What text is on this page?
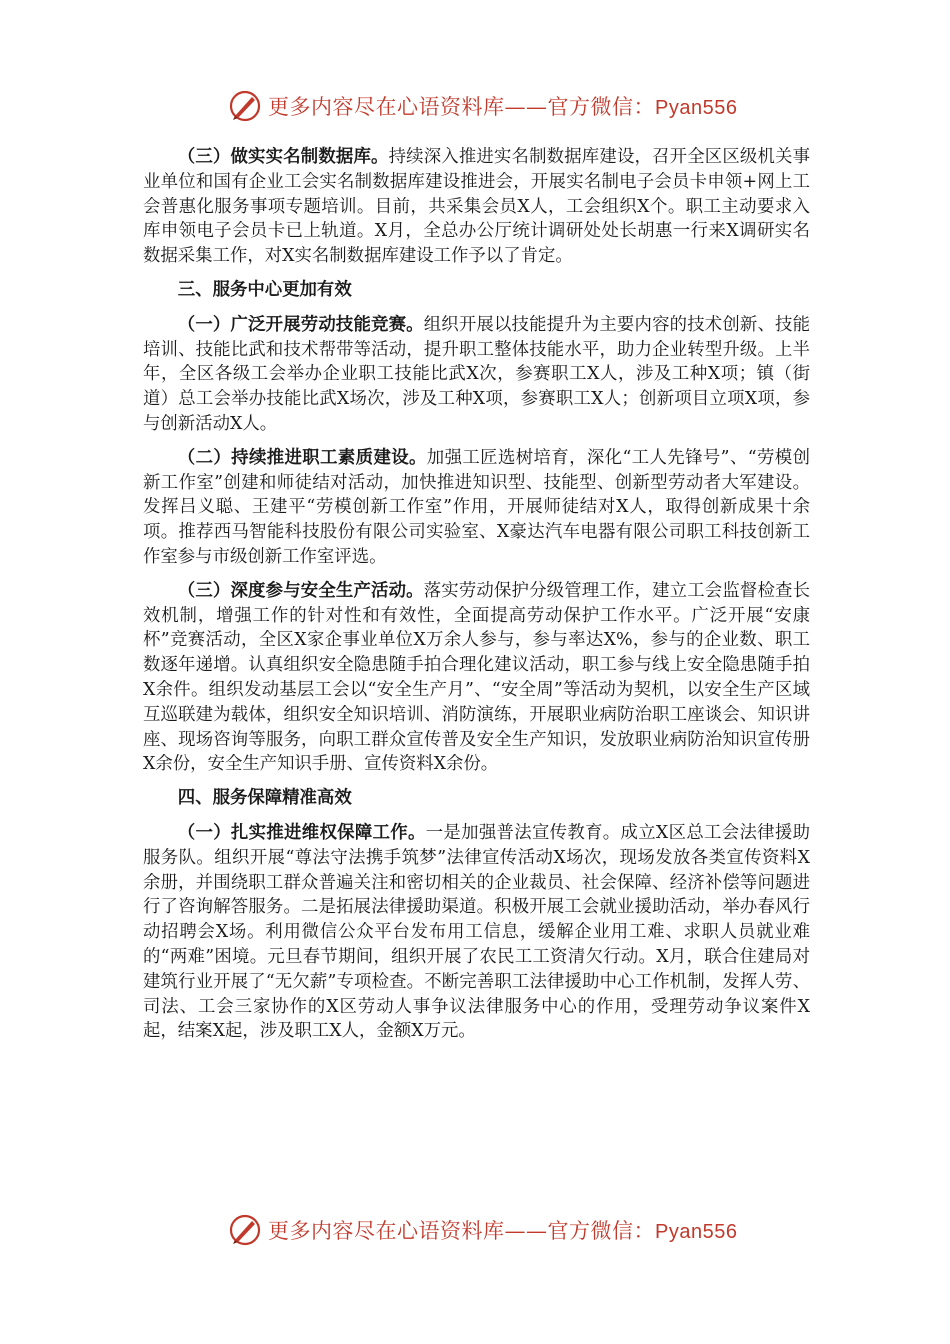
更多内容尽在心语资料库——官方微信：Pyan556

（三）做实实名制数据库。持续深入推进实名制数据库建设，召开全区区级机关事业单位和国有企业工会实名制数据库建设推进会，开展实名制电子会员卡申领+网上工会普惠化服务事项专题培训。目前，共采集会员X人，工会组织X个。职工主动要求入库申领电子会员卡已上轨道。X月，全总办公厅统计调研处处长胡惠一行来X调研实名数据采集工作，对X实名制数据库建设工作予以了肯定。

三、服务中心更加有效

（一）广泛开展劳动技能竞赛。组织开展以技能提升为主要内容的技术创新、技能培训、技能比武和技术帮带等活动，提升职工整体技能水平，助力企业转型升级。上半年，全区各级工会举办企业职工技能比武X次，参赛职工X人，涉及工种X项；镇（街道）总工会举办技能比武X场次，涉及工种X项，参赛职工X人；创新项目立项X项，参与创新活动X人。

（二）持续推进职工素质建设。加强工匠选树培育，深化“工人先锋号”、“劳模创新工作室”创建和师徒结对活动，加快推进知识型、技能型、创新型劳动者大军建设。发挥吕义聪、王建平“劳模创新工作室”作用，开展师徒结对X人，取得创新成果十余项。推荐西马智能科技股份有限公司实验室、X豪达汽车电器有限公司职工科技创新工作室参与市级创新工作室评选。

（三）深度参与安全生产活动。落实劳动保护分级管理工作，建立工会监督检查长效机制，增强工作的针对性和有效性，全面提高劳动保护工作水平。广泛开展“安康杯”竞赛活动，全区X家企事业单位X万余人参与，参与率达X%，参与的企业数、职工数逐年递增。认真组织安全隐患随手拍合理化建议活动，职工参与线上安全隐患随手拍X余件。组织发动基层工会以“安全生产月”、“安全周”等活动为契机，以安全生产区域互巡联建为载体，组织安全知识培训、消防演练，开展职业病防治职工座谈会、知识讲座、现场咨询等服务，向职工群众宣传普及安全生产知识，发放职业病防治知识宣传册X余份，安全生产知识手册、宣传资料X余份。

四、服务保障精准高效

（一）扎实推进维权保障工作。一是加强普法宣传教育。成立X区总工会法律援助服务队。组织开展“尊法守法携手筑梦”法律宣传活动X场次，现场发放各类宣传资料X余册，并围绕职工群众普遍关注和密切相关的企业裁员、社会保障、经济补偿等问题进行了咨询解答服务。二是拓展法律援助渠道。积极开展工会就业援助活动，举办春风行动招聘会X场。利用微信公众平台发布用工信息，缓解企业用工难、求职人员就业难的“两难”困境。元旦春节期间，组织开展了农民工工资清欠行动。X月，联合住建局对建筑行业开展了“无欠薪”专项检查。不断完善职工法律援助中心工作机制，发挥人劳、司法、工会三家协作的X区劳动人事争议法律服务中心的作用，受理劳动争议案件X起，结案X起，涉及职工X人，金额X万元。

更多内容尽在心语资料库——官方微信：Pyan556
